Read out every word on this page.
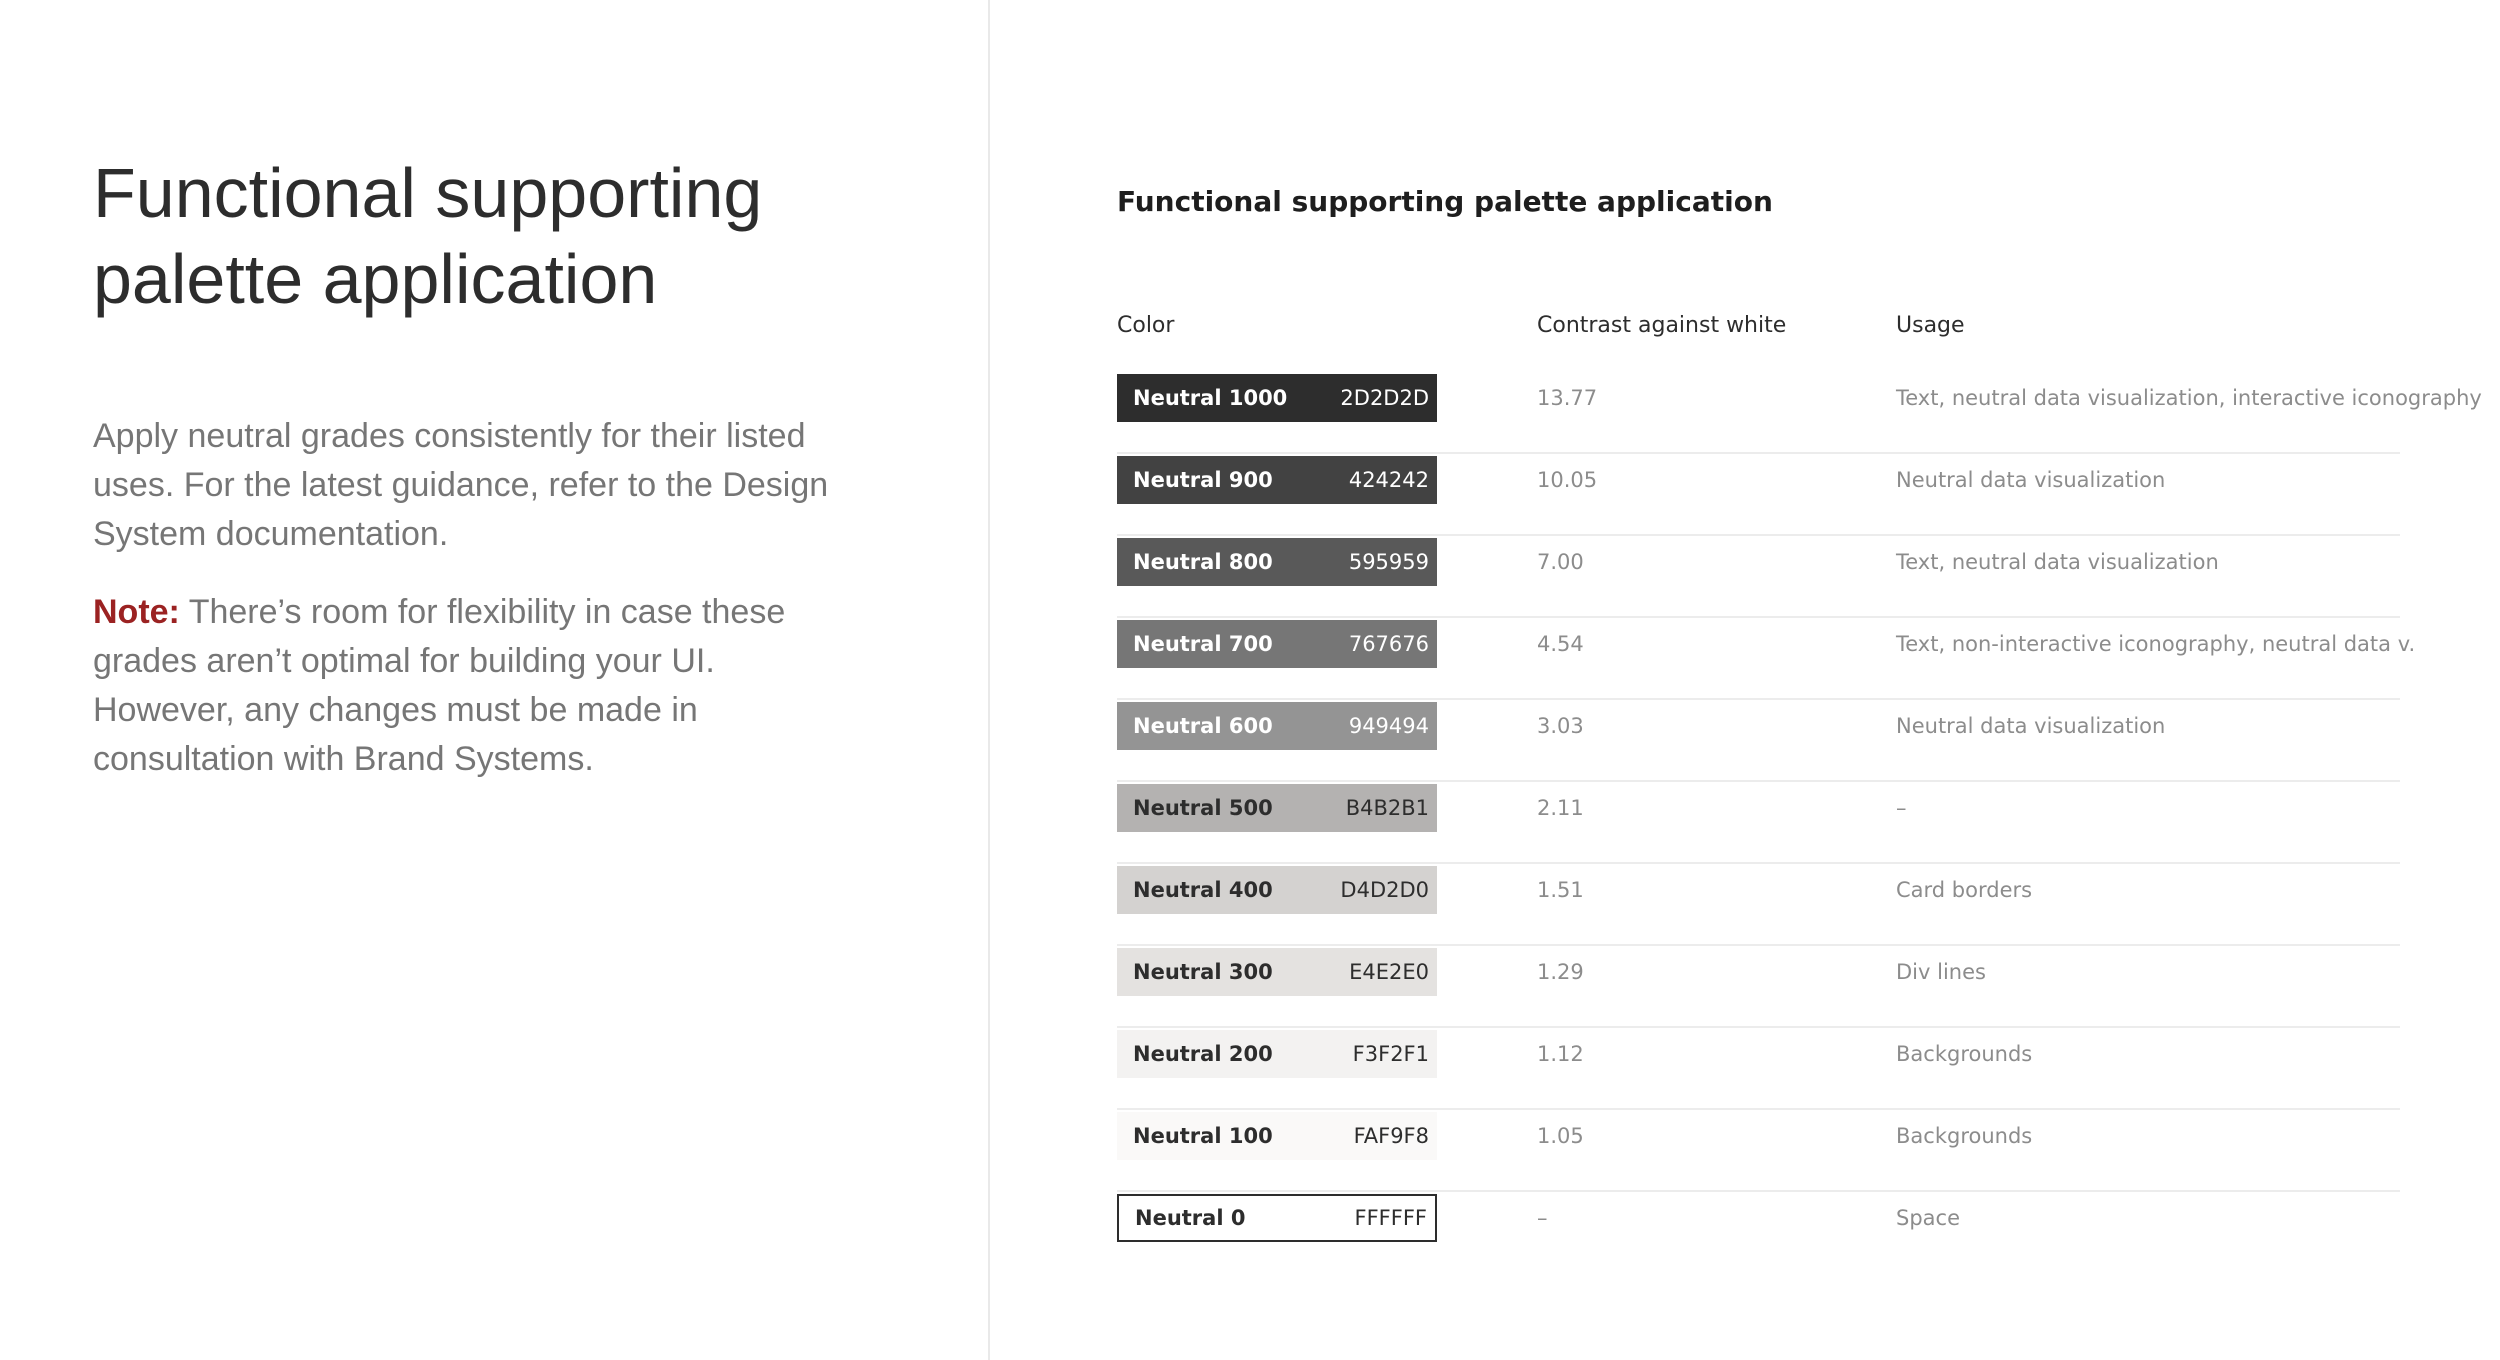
Functional supporting
palette application

Apply neutral grades consistently for their listed uses. For the latest guidance, refer to the Design System documentation.

Note: There’s room for flexibility in case these grades aren’t optimal for building your UI. However, any changes must be made in consultation with Brand Systems.

Functional supporting palette application
Color	Contrast against white	Usage
Neutral 1000	2D2D2D	13.77	Text, neutral data visualization, interactive iconography
Neutral 900	424242	10.05	Neutral data visualization
Neutral 800	595959	7.00	Text, neutral data visualization
Neutral 700	767676	4.54	Text, non-interactive iconography, neutral data v.
Neutral 600	949494	3.03	Neutral data visualization
Neutral 500	B4B2B1	2.11	–
Neutral 400	D4D2D0	1.51	Card borders
Neutral 300	E4E2E0	1.29	Div lines
Neutral 200	F3F2F1	1.12	Backgrounds
Neutral 100	FAF9F8	1.05	Backgrounds
Neutral 0	FFFFFF	–	Space
